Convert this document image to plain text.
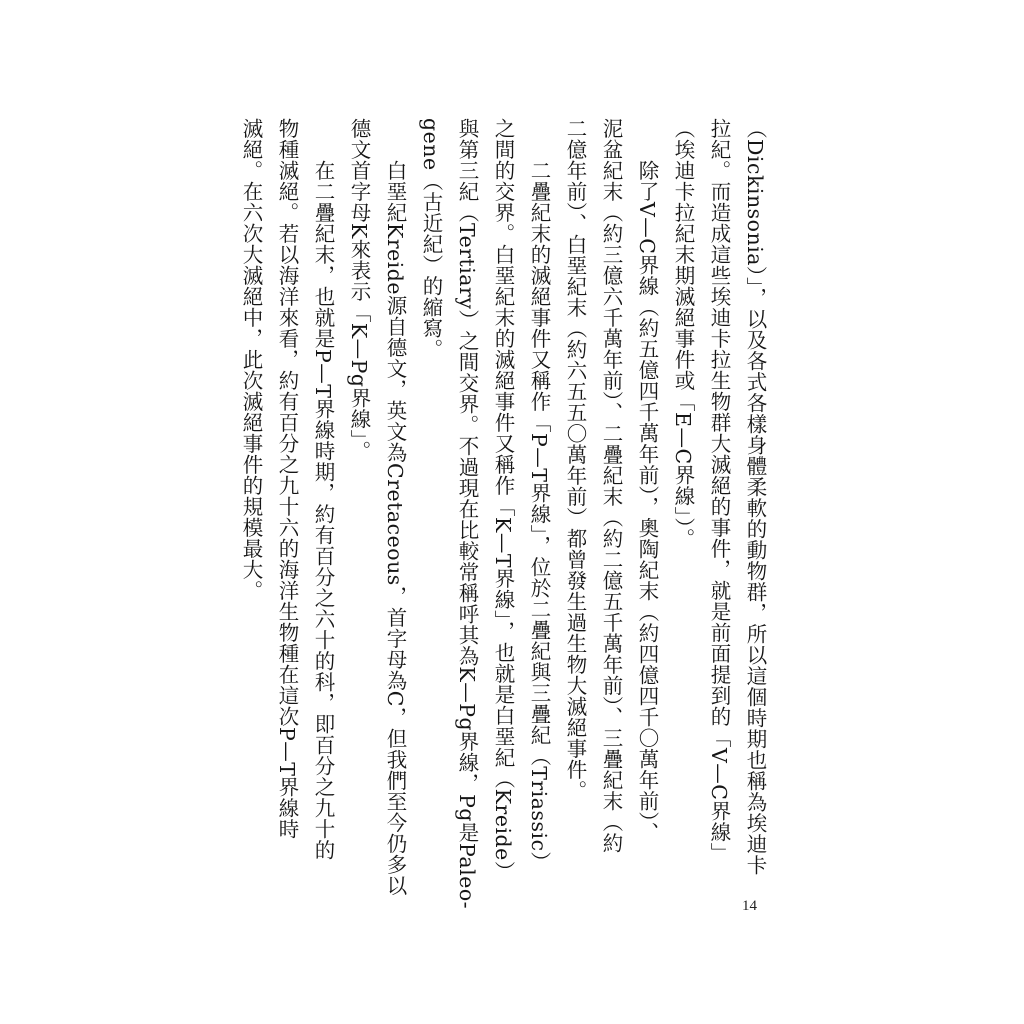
（Dickinsonia）」，以及各式各樣身體柔軟的動物群，所以這個時期也稱為埃迪卡
拉紀。而造成這些埃迪卡拉生物群大滅絕的事件，就是前面提到的「V—C界線」
（埃迪卡拉紀末期滅絕事件或「E—C界線」）。
除了V—C界線（約五億四千萬年前），奧陶紀末（約四億四千〇萬年前）、
泥盆紀末（約三億六千萬年前）、二疊紀末（約二億五千萬年前）、三疊紀末（約
二億年前）、白堊紀末（約六五五〇萬年前）都曾發生過生物大滅絕事件。
二疊紀末的滅絕事件又稱作「P—T界線」，位於二疊紀與三疊紀（Triassic）
之間的交界。白堊紀末的滅絕事件又稱作「K—T界線」，也就是白堊紀（Kreide）
與第三紀（Tertiary）之間交界。不過現在比較常稱呼其為K—Pg界線，Pg是Paleo-
gene（古近紀）的縮寫。
白堊紀Kreide源自德文，英文為Cretaceous，首字母為C，但我們至今仍多以
德文首字母K來表示「K—Pg界線」。
在二疊紀末，也就是P—T界線時期，約有百分之六十的科，即百分之九十的
物種滅絕。若以海洋來看，約有百分之九十六的海洋生物種在這次P—T界線時
滅絕。在六次大滅絕中，此次滅絕事件的規模最大。
14
